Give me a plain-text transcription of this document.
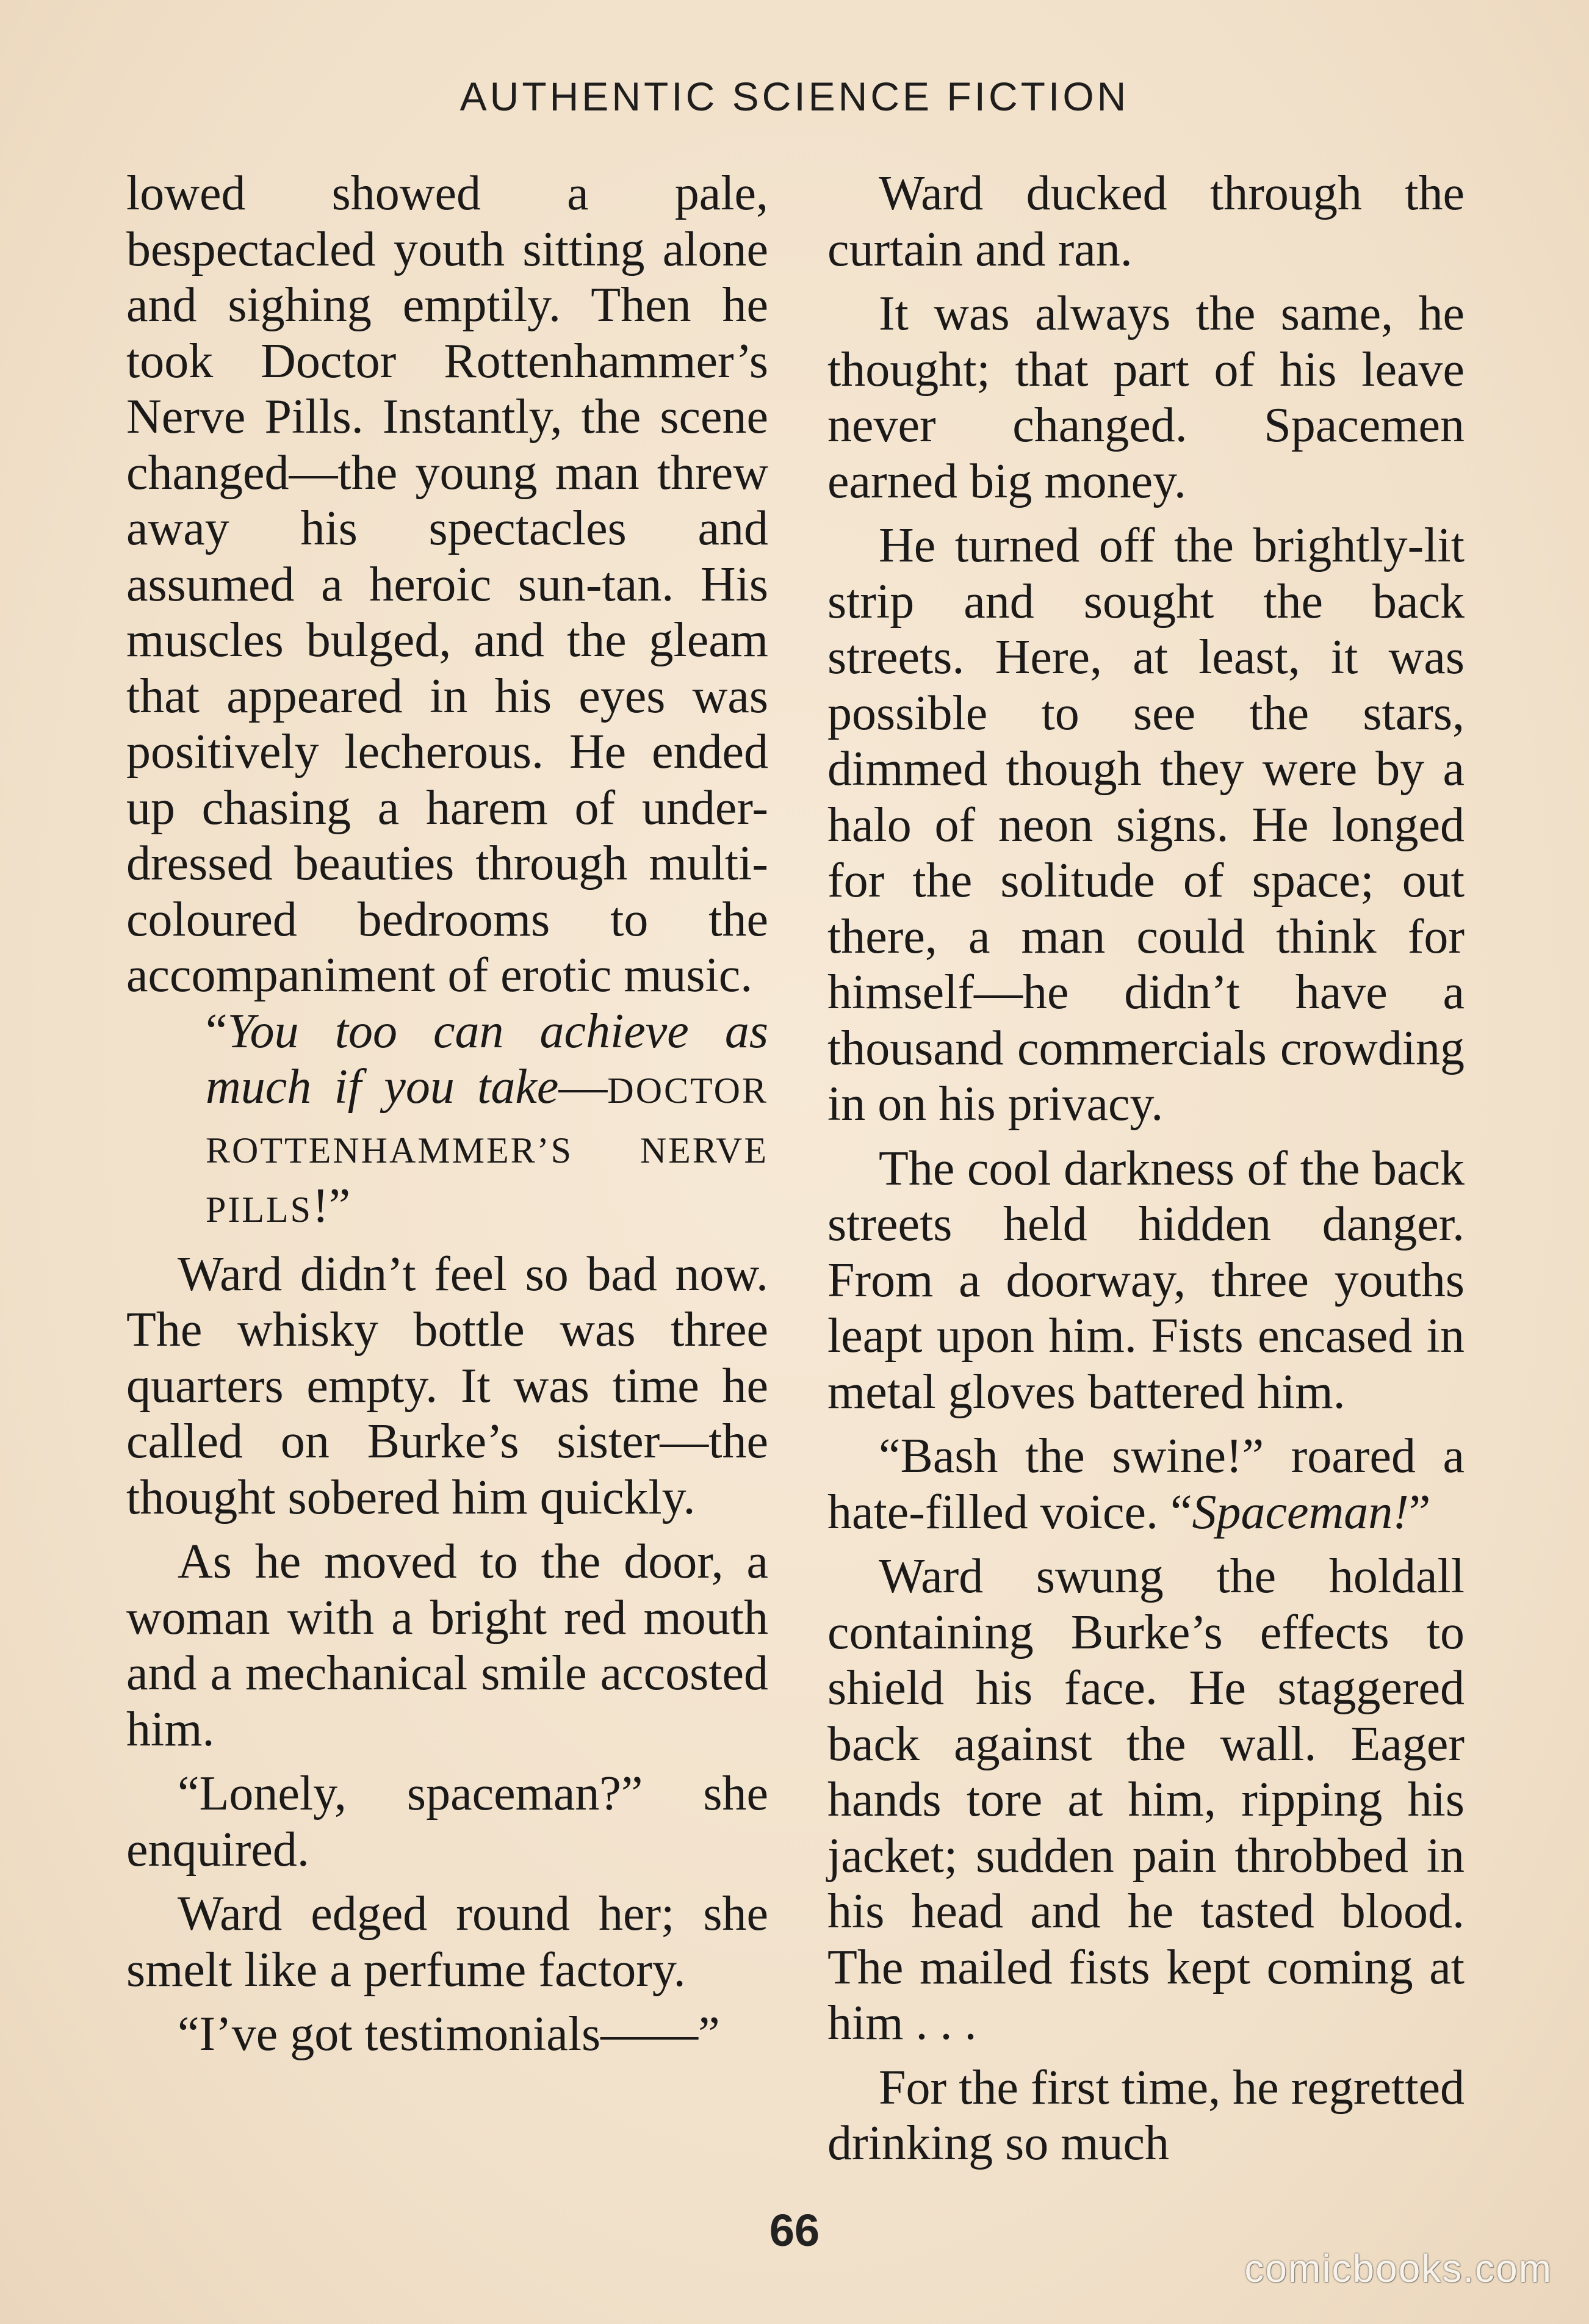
AUTHENTIC SCIENCE FICTION

lowed showed a pale, bespectacled youth sitting alone and sighing emptily. Then he took Doctor Rottenhammer’s Nerve Pills. Instantly, the scene changed—the young man threw away his spectacles and assumed a heroic sun-tan. His muscles bulged, and the gleam that appeared in his eyes was positively lecherous. He ended up chasing a harem of under-dressed beauties through multi-coloured bedrooms to the accompaniment of erotic music.

“You too can achieve as much if you take—DOCTOR ROTTENHAMMER’S NERVE PILLS!”

Ward didn’t feel so bad now. The whisky bottle was three quarters empty. It was time he called on Burke’s sister—the thought sobered him quickly.

As he moved to the door, a woman with a bright red mouth and a mechanical smile accosted him.

“Lonely, spaceman?” she enquired.

Ward edged round her; she smelt like a perfume factory.

“I’ve got testimonials——”

Ward ducked through the curtain and ran.

It was always the same, he thought; that part of his leave never changed. Spacemen earned big money.

He turned off the brightly-lit strip and sought the back streets. Here, at least, it was possible to see the stars, dimmed though they were by a halo of neon signs. He longed for the solitude of space; out there, a man could think for himself—he didn’t have a thousand commercials crowding in on his privacy.

The cool darkness of the back streets held hidden danger. From a doorway, three youths leapt upon him. Fists encased in metal gloves battered him.

“Bash the swine!” roared a hate-filled voice. “Spaceman!”

Ward swung the holdall containing Burke’s effects to shield his face. He staggered back against the wall. Eager hands tore at him, ripping his jacket; sudden pain throbbed in his head and he tasted blood. The mailed fists kept coming at him . . .

For the first time, he regretted drinking so much

66
comicbooks.com
